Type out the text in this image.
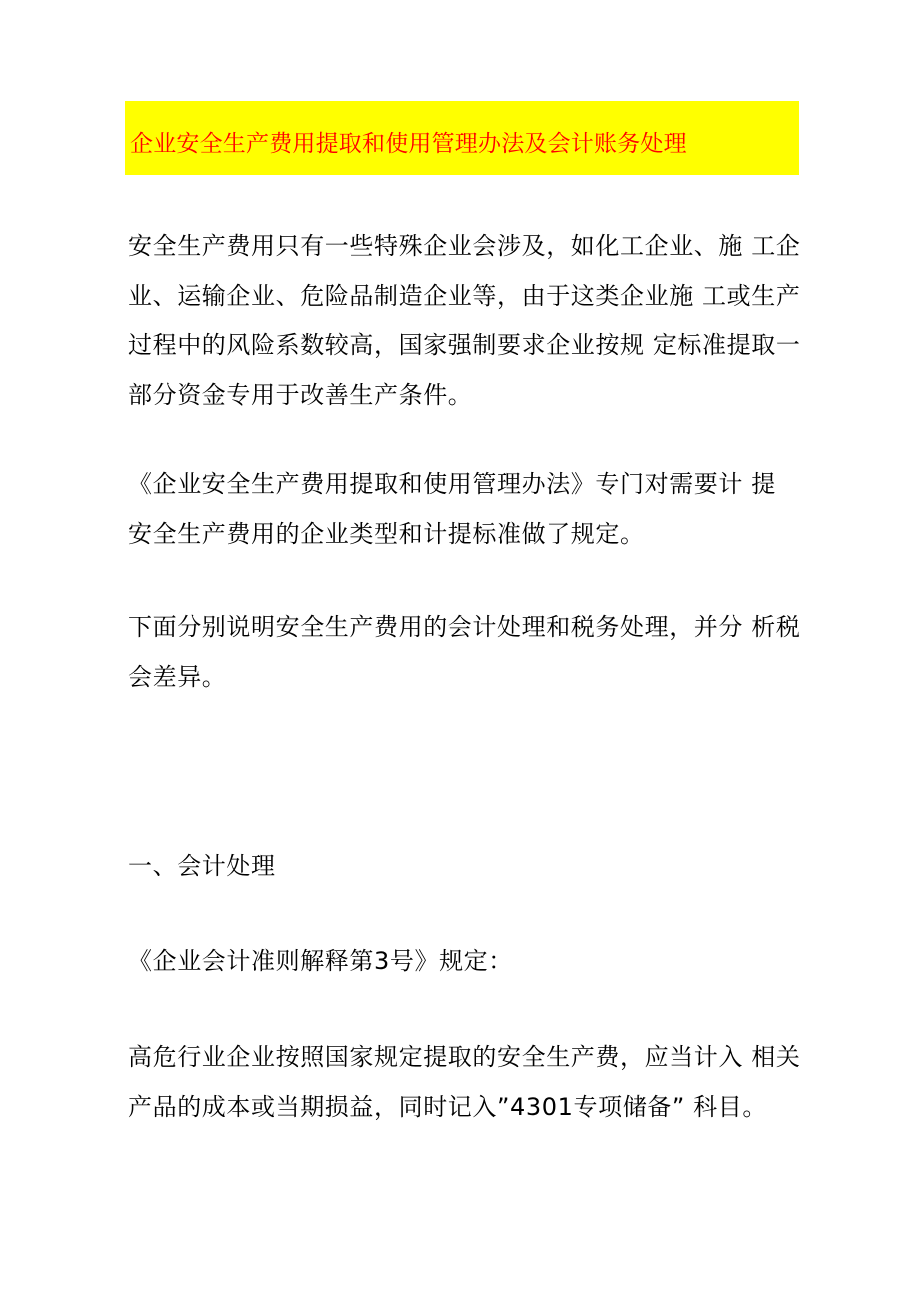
企业安全生产费用提取和使用管理办法及会计账务处理

安全生产费用只有一些特殊企业会涉及，如化工企业、施 工企
业、运输企业、危险品制造企业等，由于这类企业施 工或生产
过程中的风险系数较高，国家强制要求企业按规 定标准提取一
部分资金专用于改善生产条件。

《企业安全生产费用提取和使用管理办法》专门对需要计 提
安全生产费用的企业类型和计提标准做了规定。

下面分别说明安全生产费用的会计处理和税务处理，并分 析税
会差异。

一、会计处理

《企业会计准则解释第3号》规定：

高危行业企业按照国家规定提取的安全生产费，应当计入 相关
产品的成本或当期损益，同时记入”4301专项储备” 科目。
